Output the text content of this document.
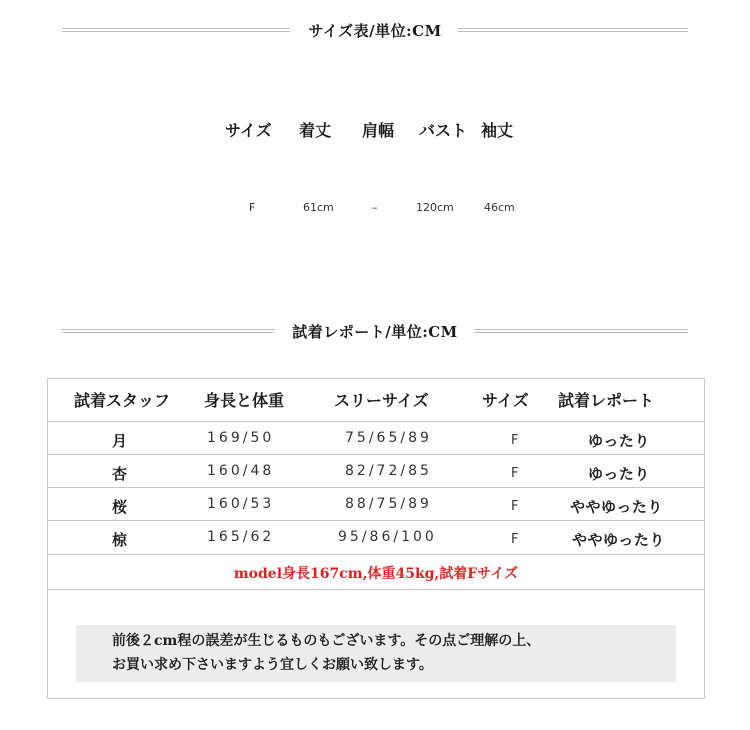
サイズ表/単位:CM
サイズ 着丈 肩幅 バスト 袖丈
F	61cm	–	120cm	46cm
試着レポート/単位:CM
試着スタッフ 身長と体重	スリーサイズ	サイズ 試着レポート
月	169/50	75/65/89	F	ゆったり
杏	160/48	82/72/85	F	ゆったり
桜	160/53	88/75/89	F	ややゆったり
椋	165/62	95/86/100	F	ややゆったり
model身長167cm,体重45kg,試着Fサイズ
前後２cm程の誤差が生じるものもございます。その点ご理解の上、
お買い求め下さいますよう宜しくお願い致します。
